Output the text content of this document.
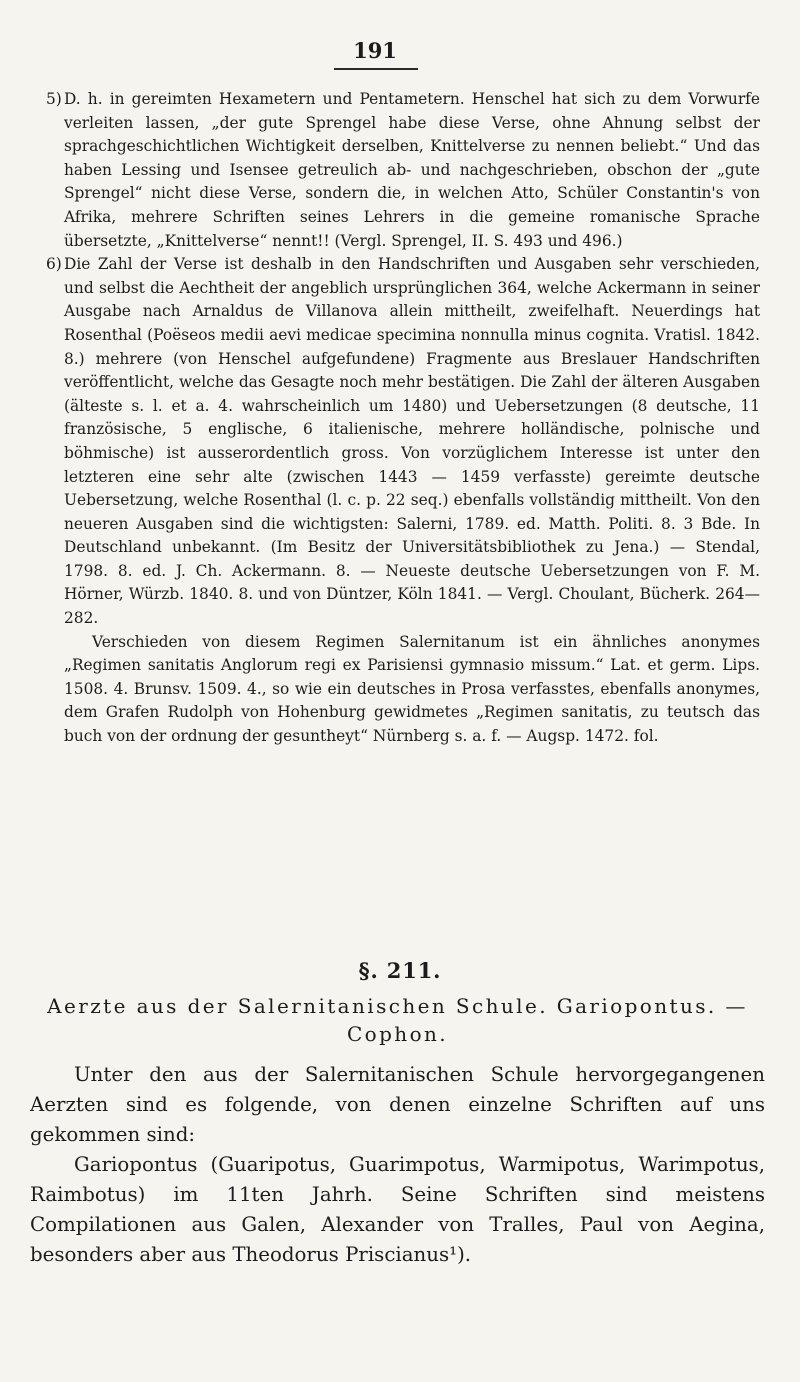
191
5) D. h. in gereimten Hexametern und Pentametern. Henschel hat sich zu dem Vorwurfe verleiten lassen, „der gute Sprengel habe diese Verse, ohne Ahnung selbst der sprachgeschichtlichen Wichtigkeit derselben, Knittelverse zu nennen beliebt.“ Und das haben Lessing und Isensee getreulich ab- und nachgeschrieben, obschon der „gute Sprengel“ nicht diese Verse, sondern die, in welchen Atto, Schüler Constantin's von Afrika, mehrere Schriften seines Lehrers in die gemeine romanische Sprache übersetzte, „Knittelverse“ nennt!! (Vergl. Sprengel, II. S. 493 und 496.)

6) Die Zahl der Verse ist deshalb in den Handschriften und Ausgaben sehr verschieden, und selbst die Aechtheit der angeblich ursprünglichen 364, welche Ackermann in seiner Ausgabe nach Arnaldus de Villanova allein mittheilt, zweifelhaft. Neuerdings hat Rosenthal (Poëseos medii aevi medicae specimina nonnulla minus cognita. Vratisl. 1842. 8.) mehrere (von Henschel aufgefundene) Fragmente aus Breslauer Handschriften veröffentlicht, welche das Gesagte noch mehr bestätigen. Die Zahl der älteren Ausgaben (älteste s. l. et a. 4. wahrscheinlich um 1480) und Uebersetzungen (8 deutsche, 11 französische, 5 englische, 6 italienische, mehrere holländische, polnische und böhmische) ist ausserordentlich gross. Von vorzüglichem Interesse ist unter den letzteren eine sehr alte (zwischen 1443 — 1459 verfasste) gereimte deutsche Uebersetzung, welche Rosenthal (l. c. p. 22 seq.) ebenfalls vollständig mittheilt. Von den neueren Ausgaben sind die wichtigsten: Salerni, 1789. ed. Matth. Politi. 8. 3 Bde. In Deutschland unbekannt. (Im Besitz der Universitätsbibliothek zu Jena.) — Stendal, 1798. 8. ed. J. Ch. Ackermann. 8. — Neueste deutsche Uebersetzungen von F. M. Hörner, Würzb. 1840. 8. und von Düntzer, Köln 1841. — Vergl. Choulant, Bücherk. 264—282.

Verschieden von diesem Regimen Salernitanum ist ein ähnliches anonymes „Regimen sanitatis Anglorum regi ex Parisiensi gymnasio missum.“ Lat. et germ. Lips. 1508. 4. Brunsv. 1509. 4., so wie ein deutsches in Prosa verfasstes, ebenfalls anonymes, dem Grafen Rudolph von Hohenburg gewidmetes „Regimen sanitatis, zu teutsch das buch von der ordnung der gesuntheyt“ Nürnberg s. a. f. — Augsp. 1472. fol.

§. 211.
Aerzte aus der Salernitanischen Schule. Gariopontus. — Cophon.

Unter den aus der Salernitanischen Schule hervorgegangenen Aerzten sind es folgende, von denen einzelne Schriften auf uns gekommen sind:

Gariopontus (Guaripotus, Guarimpotus, Warmipotus, Warimpotus, Raimbotus) im 11ten Jahrh. Seine Schriften sind meistens Compilationen aus Galen, Alexander von Tralles, Paul von Aegina, besonders aber aus Theodorus Priscianus¹).
